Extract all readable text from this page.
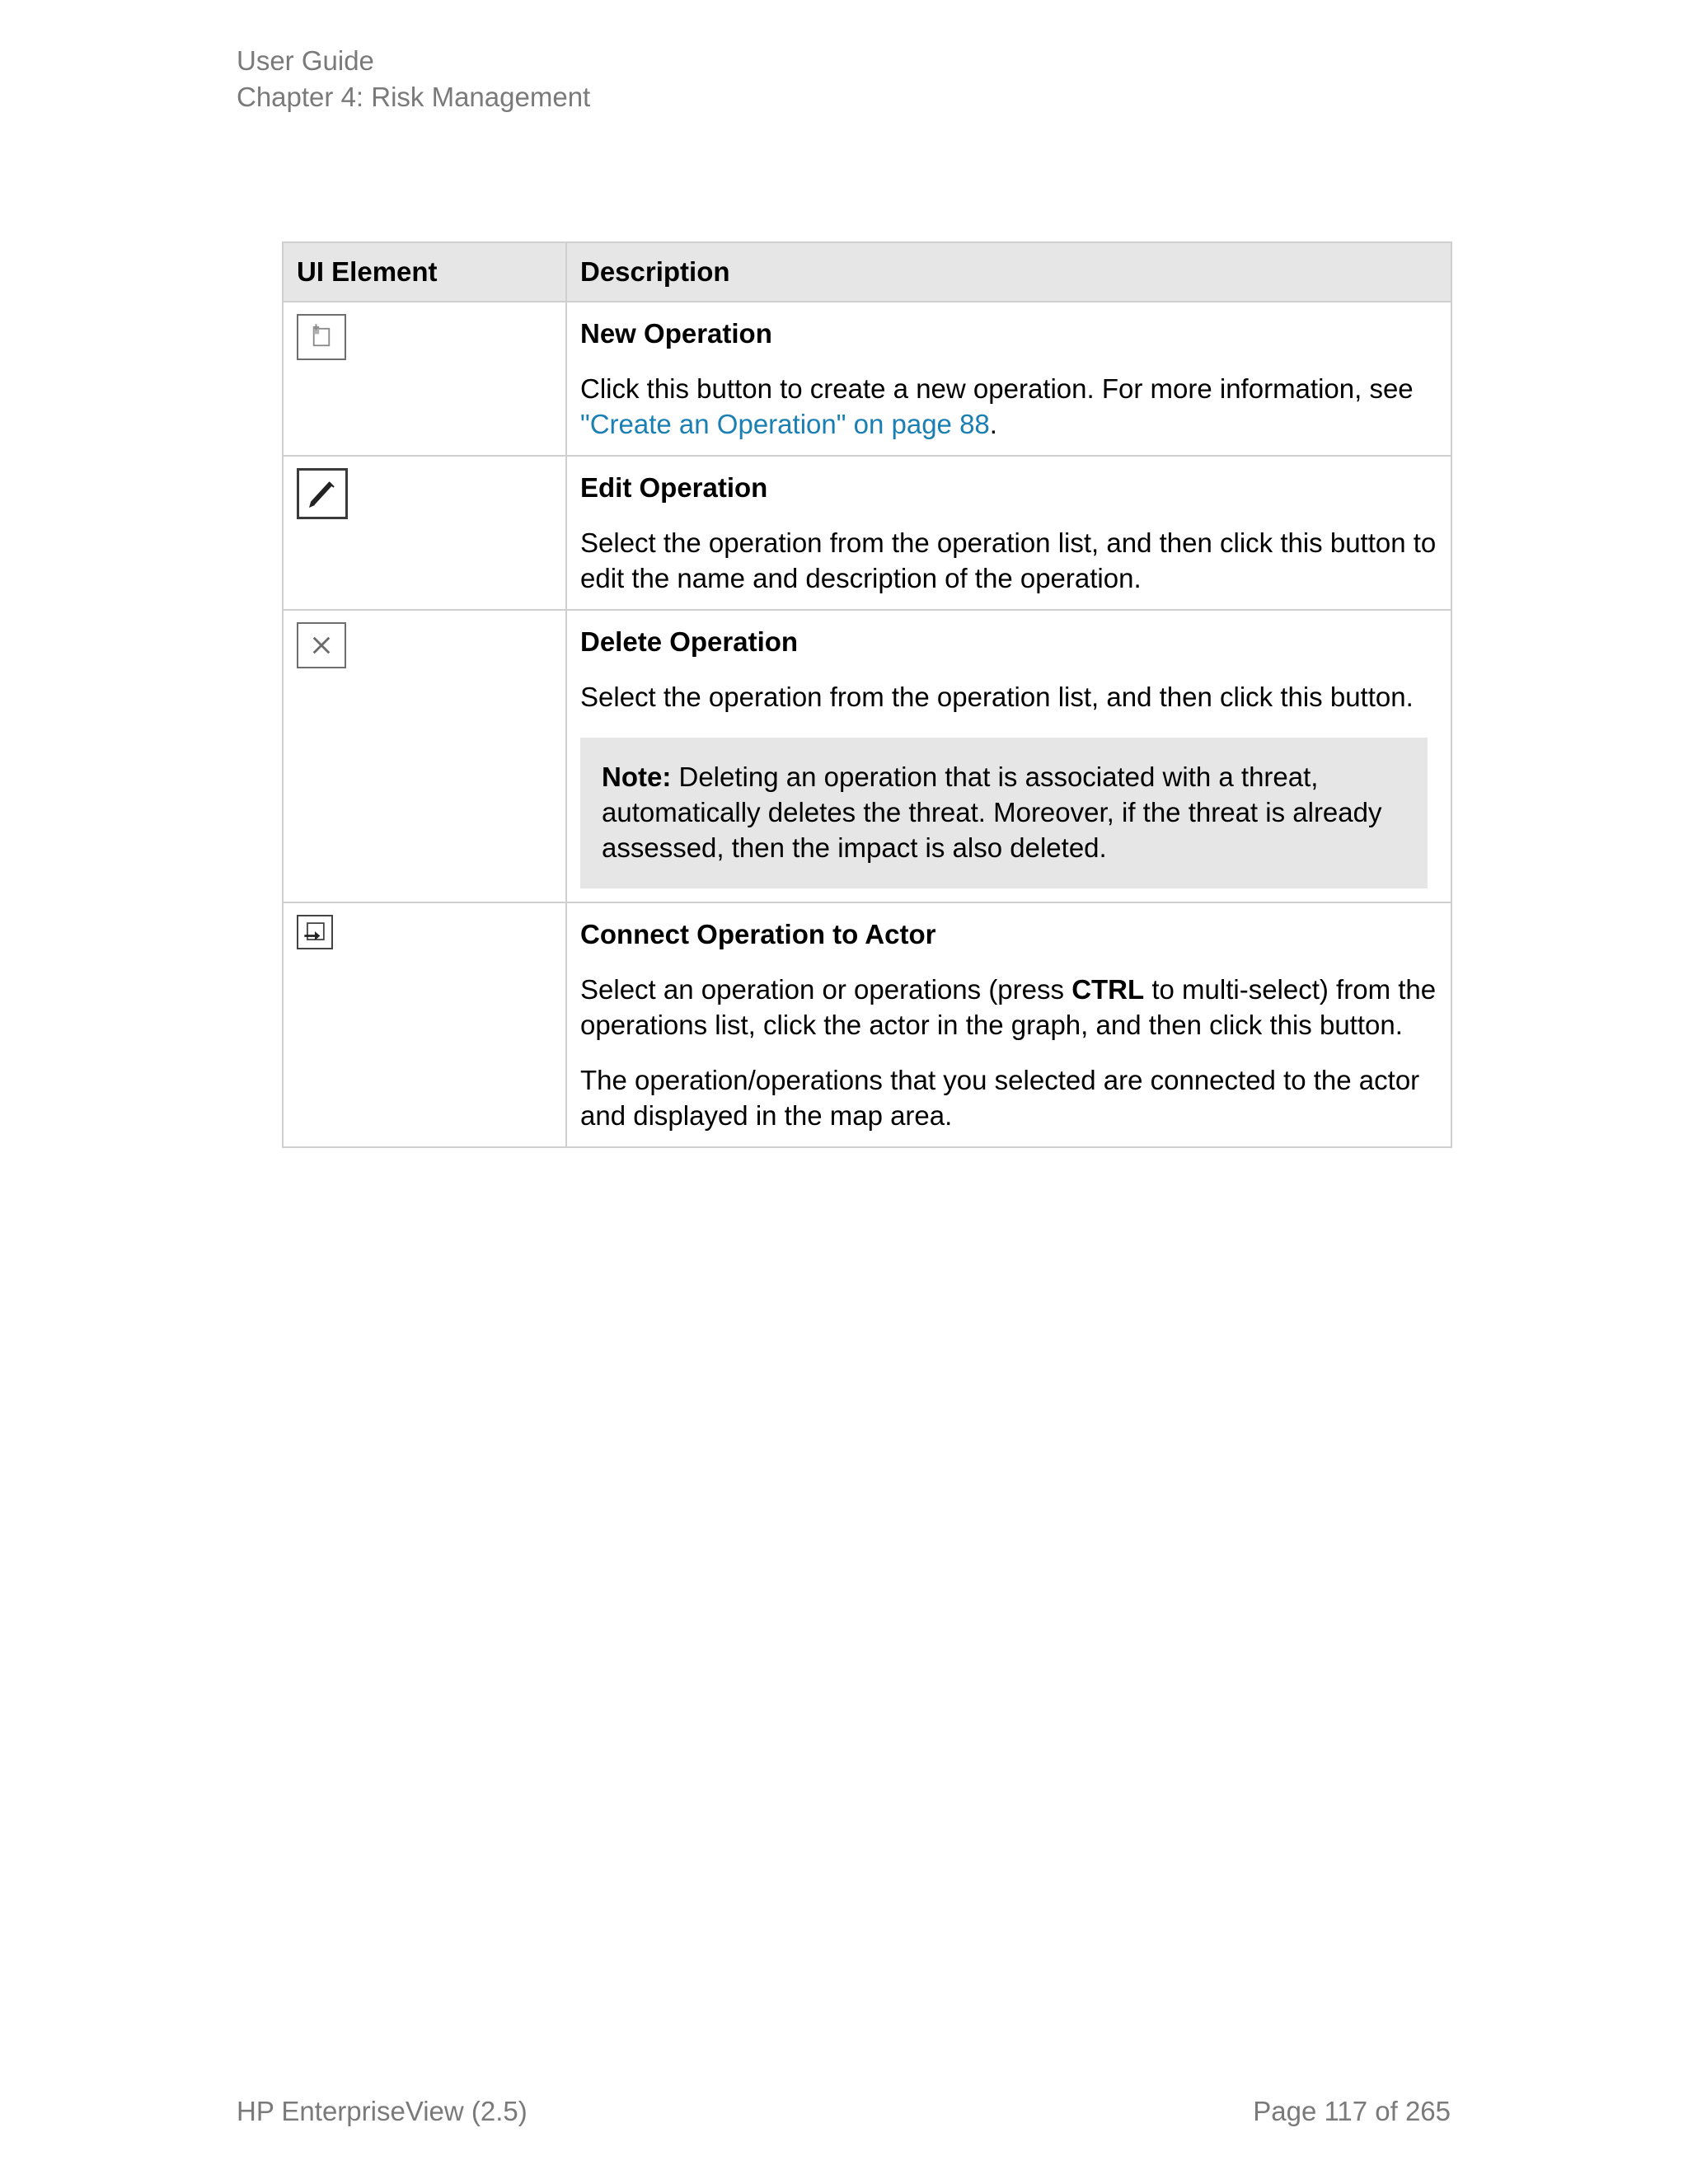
User Guide
Chapter 4: Risk Management
UI Element	Description

New Operation
Click this button to create a new operation. For more information, see "Create an Operation" on page 88.

Edit Operation
Select the operation from the operation list, and then click this button to edit the name and description of the operation.

Delete Operation
Select the operation from the operation list, and then click this button.
Note: Deleting an operation that is associated with a threat, automatically deletes the threat. Moreover, if the threat is already assessed, then the impact is also deleted.

Connect Operation to Actor
Select an operation or operations (press CTRL to multi-select) from the operations list, click the actor in the graph, and then click this button.
The operation/operations that you selected are connected to the actor and displayed in the map area.
HP EnterpriseView (2.5)	Page 117 of 265
